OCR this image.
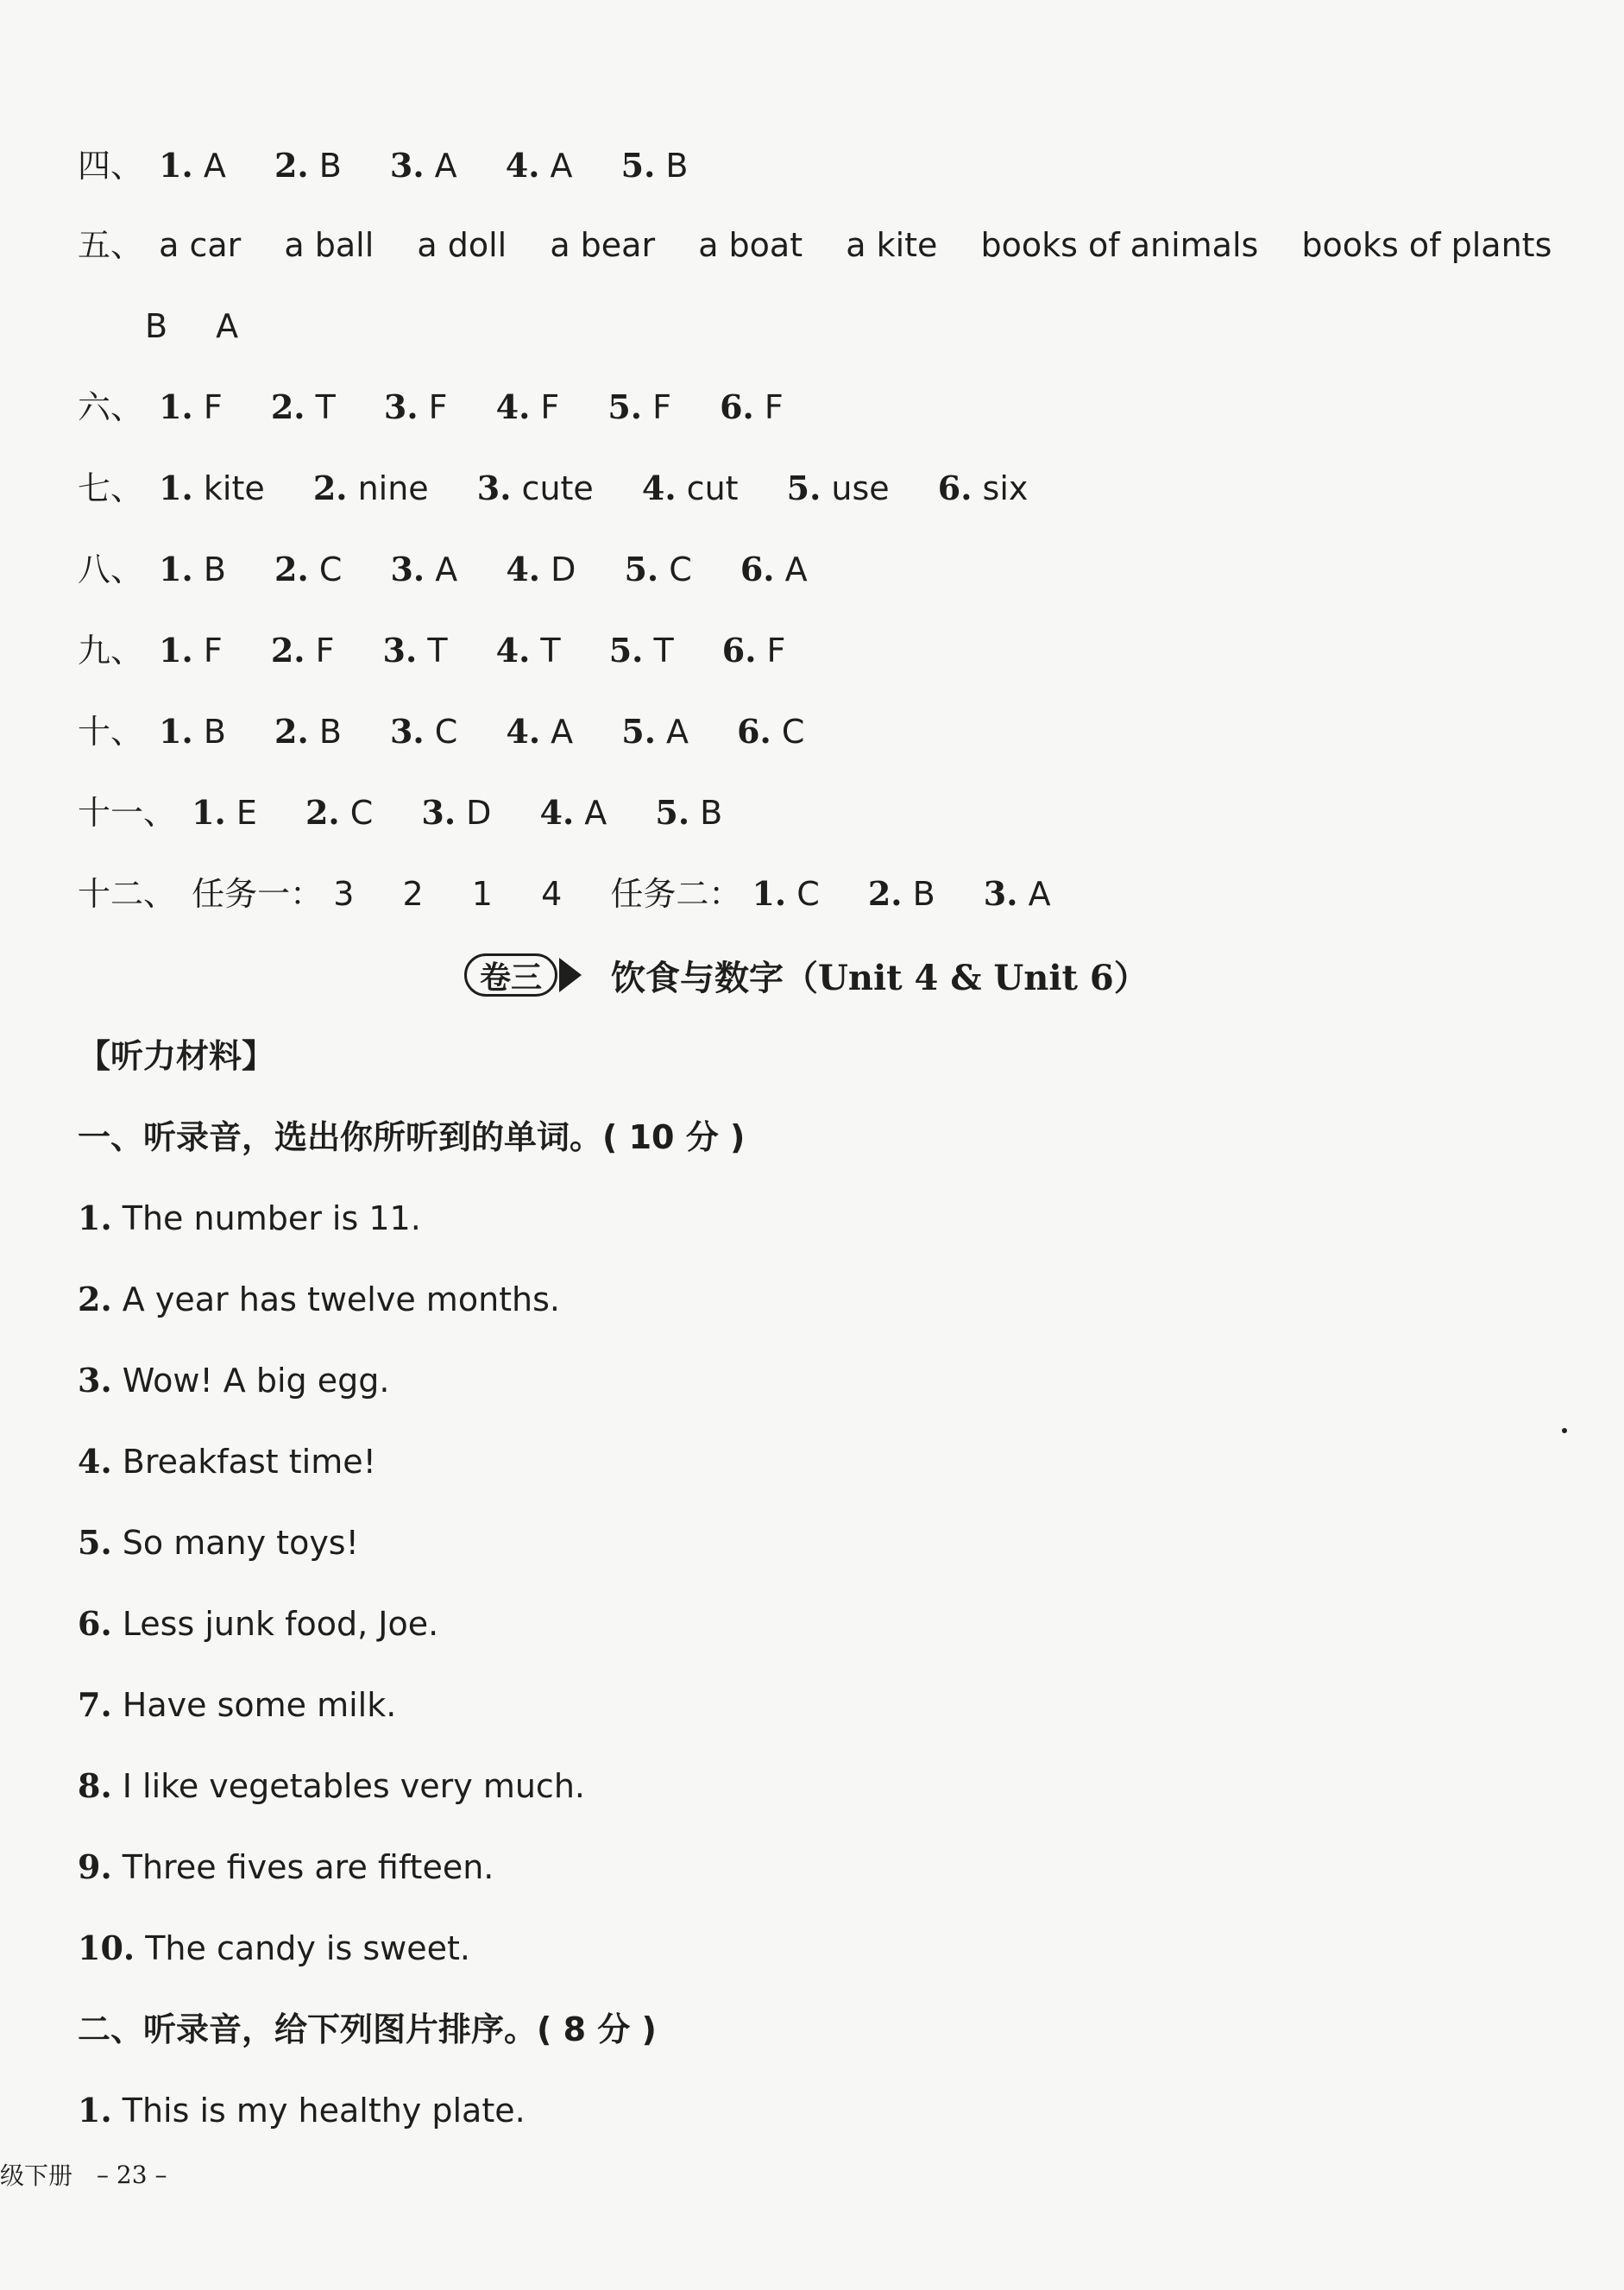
四、 1. A 2. B 3. A 4. A 5. B
五、 a car a ball a doll a bear a boat a kite books of animals books of plants
B A
六、 1. F 2. T 3. F 4. F 5. F 6. F
七、 1. kite 2. nine 3. cute 4. cut 5. use 6. six
八、 1. B 2. C 3. A 4. D 5. C 6. A
九、 1. F 2. F 3. T 4. T 5. T 6. F
十、 1. B 2. B 3. C 4. A 5. A 6. C
十一、 1. E 2. C 3. D 4. A 5. B
十二、 任务一： 3 2 1 4 任务二： 1. C 2. B 3. A
卷三	饮食与数字（Unit 4 & Unit 6）
【听力材料】
一、听录音，选出你所听到的单词。( 10 分 )
1. The number is 11.
2. A year has twelve months.
3. Wow! A big egg.
4. Breakfast time!
5. So many toys!
6. Less junk food, Joe.
7. Have some milk.
8. I like vegetables very much.
9. Three fives are fifteen.
10. The candy is sweet.
二、听录音，给下列图片排序。( 8 分 )
1. This is my healthy plate.
级下册 – 23 –
